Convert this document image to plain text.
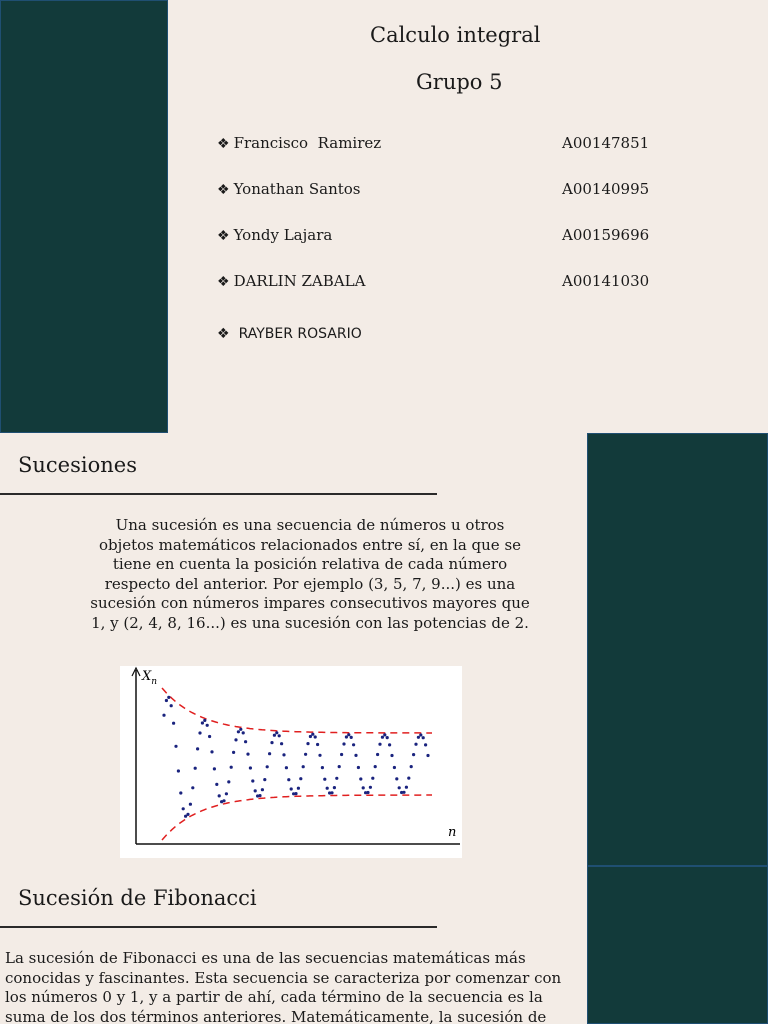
Calculo integral
Grupo 5
❖ Francisco  Ramirez	A00147851
❖ Yonathan Santos	A00140995
❖ Yondy Lajara	A00159696
❖ DARLIN ZABALA	A00141030
❖ RAYBER ROSARIO
Sucesiones
Una sucesión es una secuencia de números u otros objetos matemáticos relacionados entre sí, en la que se tiene en cuenta la posición relativa de cada número respecto del anterior. Por ejemplo (3, 5, 7, 9...) es una sucesión con números impares consecutivos mayores que 1, y (2, 4, 8, 16...) es una sucesión con las potencias de 2.
$X_n$
n
Sucesión de Fibonacci
La sucesión de Fibonacci es una de las secuencias matemáticas más conocidas y fascinantes. Esta secuencia se caracteriza por comenzar con los números 0 y 1, y a partir de ahí, cada término de la secuencia es la suma de los dos términos anteriores. Matemáticamente, la sucesión de
